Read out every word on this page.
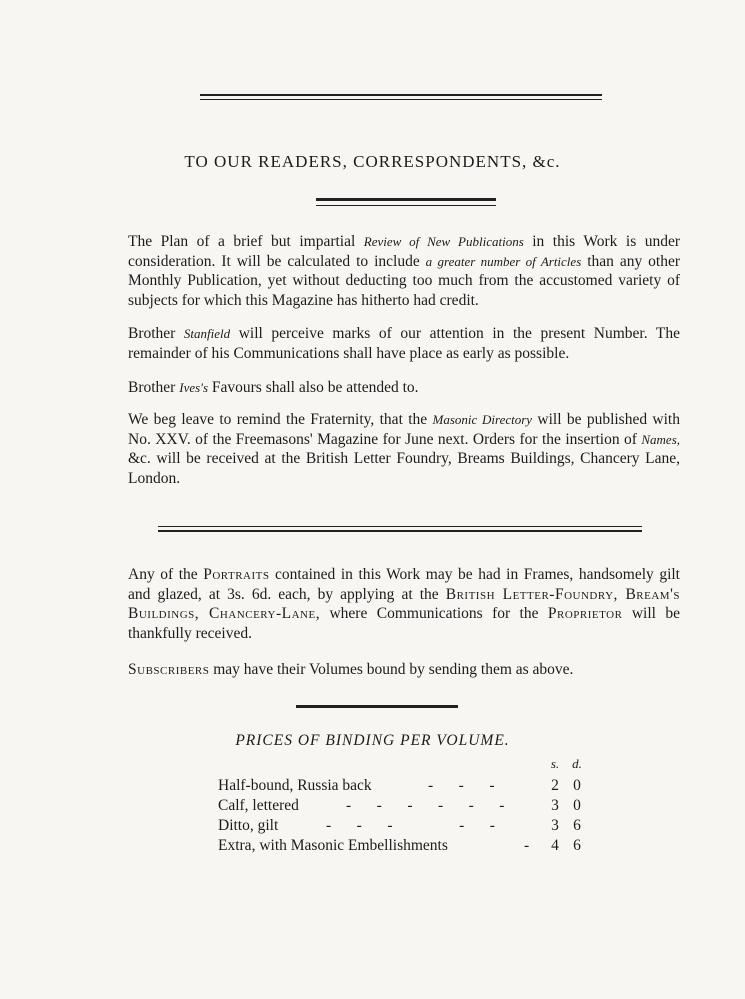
TO OUR READERS, CORRESPONDENTS, &c.
The Plan of a brief but impartial Review of New Publications in this Work is under consideration. It will be calculated to include a greater number of Articles than any other Monthly Publication, yet without deducting too much from the accustomed variety of subjects for which this Magazine has hitherto had credit.
Brother Stanfield will perceive marks of our attention in the present Number. The remainder of his Communications shall have place as early as possible.
Brother Ives's Favours shall also be attended to.
We beg leave to remind the Fraternity, that the Masonic Directory will be published with No. XXV. of the Freemasons' Magazine for June next. Orders for the insertion of Names, &c. will be received at the British Letter Foundry, Breams Buildings, Chancery Lane, London.
Any of the Portraits contained in this Work may be had in Frames, handsomely gilt and glazed, at 3s. 6d. each, by applying at the British Letter-Foundry, Bream's Buildings, Chancery-Lane, where Communications for the Proprietor will be thankfully received.
Subscribers may have their Volumes bound by sending them as above.
PRICES OF BINDING PER VOLUME.
s. d.
Half-bound, Russia back	-    -    -	2 0
Calf, lettered	-    -    -    -    -    -	3 0
Ditto, gilt	-    -    -           -    -	3 6
Extra, with Masonic Embellishments	- 4 6
